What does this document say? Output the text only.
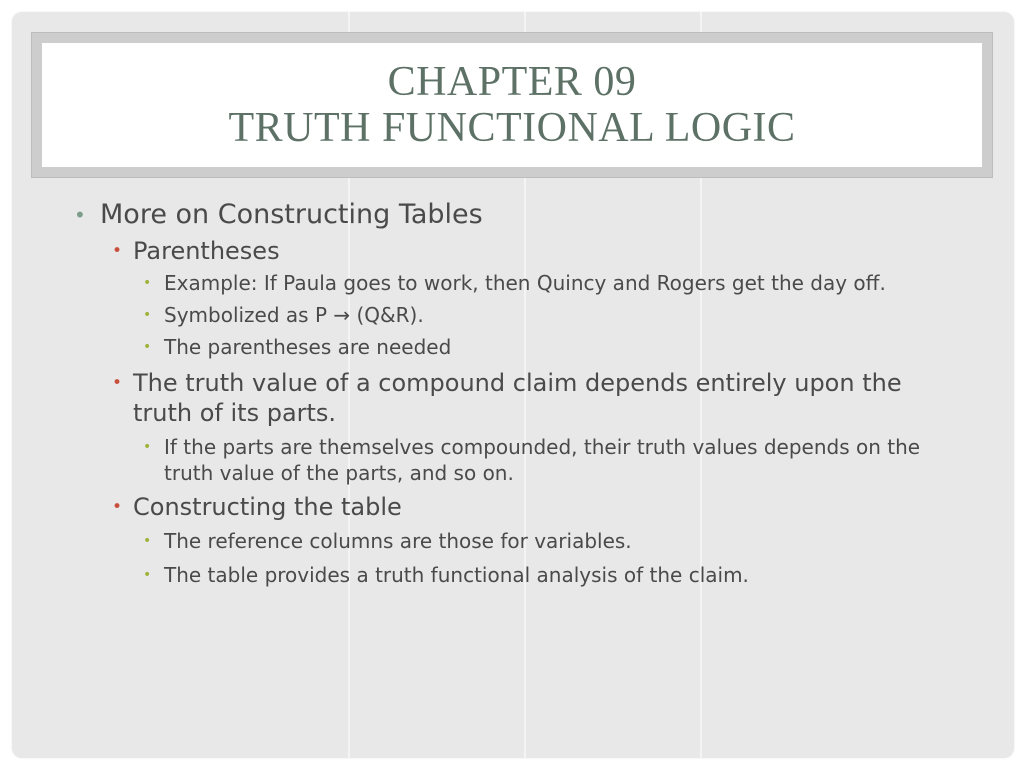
CHAPTER 09
TRUTH FUNCTIONAL LOGIC
• More on Constructing Tables
• Parentheses
• Example: If Paula goes to work, then Quincy and Rogers get the day off.
• Symbolized as P → (Q&R).
• The parentheses are needed
• The truth value of a compound claim depends entirely upon the truth of its parts.
• If the parts are themselves compounded, their truth values depends on the truth value of the parts, and so on.
• Constructing the table
• The reference columns are those for variables.
• The table provides a truth functional analysis of the claim.
